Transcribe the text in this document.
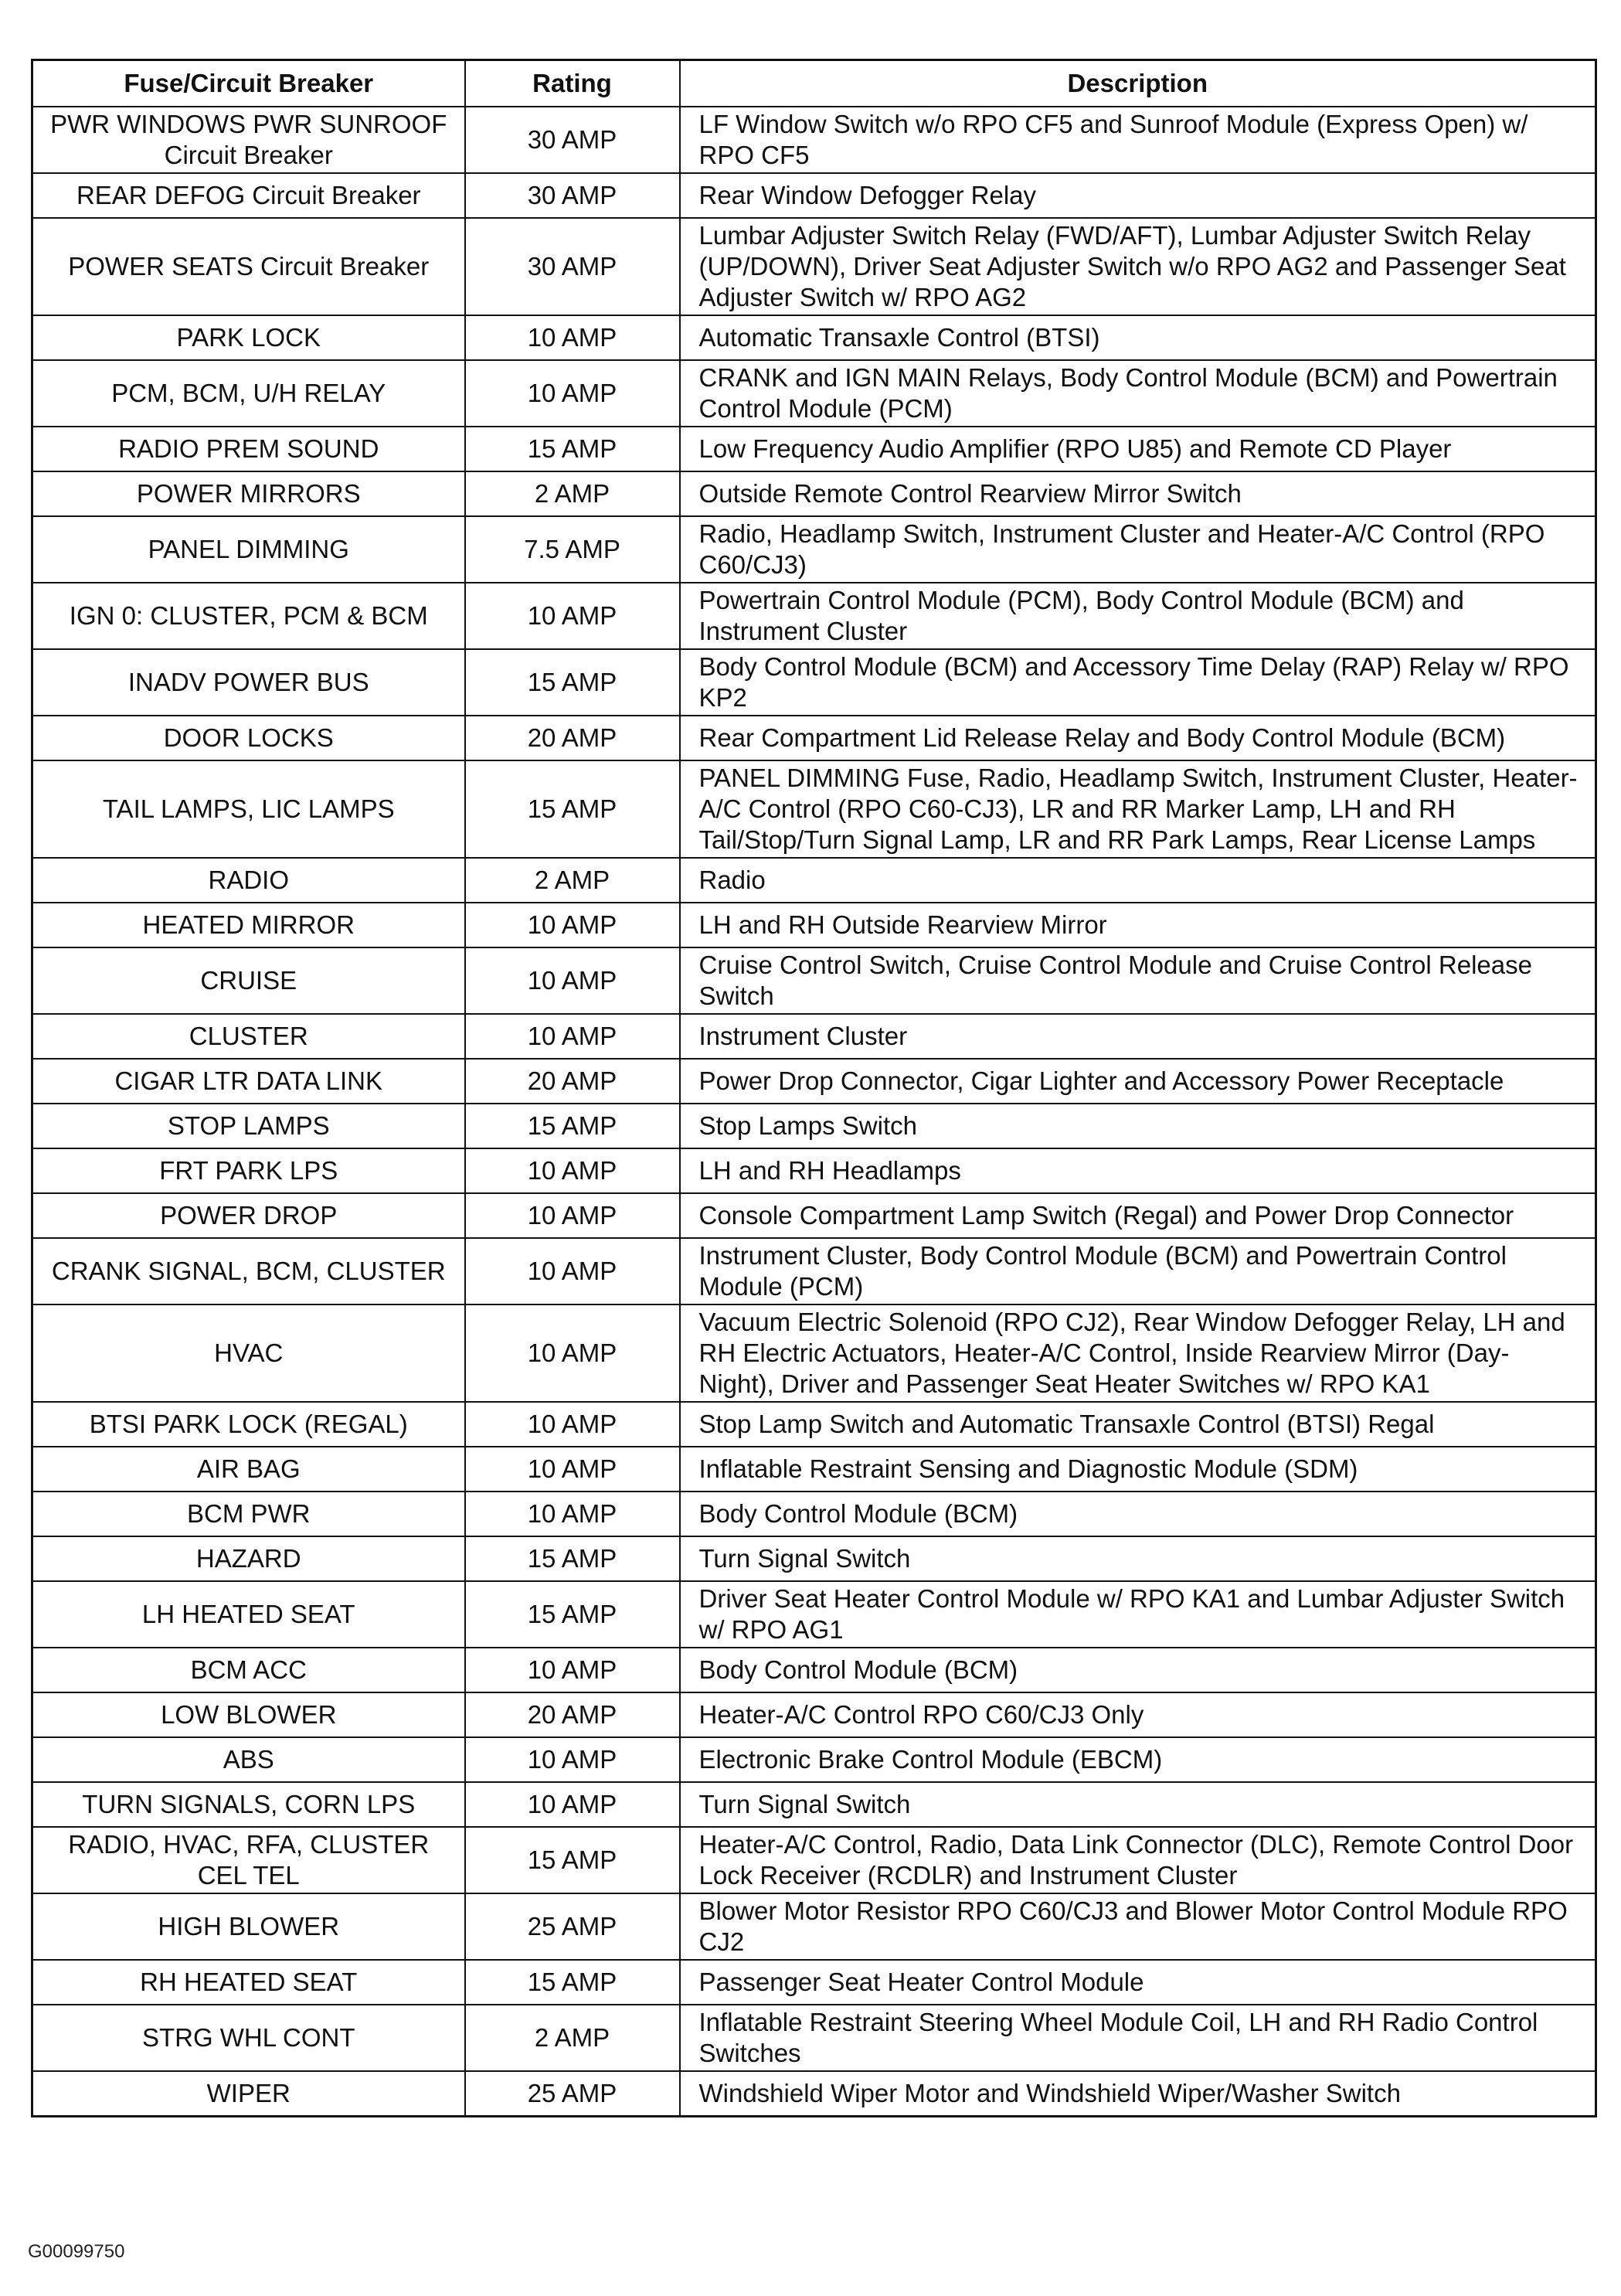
Fuse/Circuit Breaker	Rating	Description
PWR WINDOWS PWR SUNROOF Circuit Breaker	30 AMP	LF Window Switch w/o RPO CF5 and Sunroof Module (Express Open) w/ RPO CF5
REAR DEFOG Circuit Breaker	30 AMP	Rear Window Defogger Relay
POWER SEATS Circuit Breaker	30 AMP	Lumbar Adjuster Switch Relay (FWD/AFT), Lumbar Adjuster Switch Relay (UP/DOWN), Driver Seat Adjuster Switch w/o RPO AG2 and Passenger Seat Adjuster Switch w/ RPO AG2
PARK LOCK	10 AMP	Automatic Transaxle Control (BTSI)
PCM, BCM, U/H RELAY	10 AMP	CRANK and IGN MAIN Relays, Body Control Module (BCM) and Powertrain Control Module (PCM)
RADIO PREM SOUND	15 AMP	Low Frequency Audio Amplifier (RPO U85) and Remote CD Player
POWER MIRRORS	2 AMP	Outside Remote Control Rearview Mirror Switch
PANEL DIMMING	7.5 AMP	Radio, Headlamp Switch, Instrument Cluster and Heater-A/C Control (RPO C60/CJ3)
IGN 0: CLUSTER, PCM & BCM	10 AMP	Powertrain Control Module (PCM), Body Control Module (BCM) and Instrument Cluster
INADV POWER BUS	15 AMP	Body Control Module (BCM) and Accessory Time Delay (RAP) Relay w/ RPO KP2
DOOR LOCKS	20 AMP	Rear Compartment Lid Release Relay and Body Control Module (BCM)
TAIL LAMPS, LIC LAMPS	15 AMP	PANEL DIMMING Fuse, Radio, Headlamp Switch, Instrument Cluster, Heater-A/C Control (RPO C60-CJ3), LR and RR Marker Lamp, LH and RH Tail/Stop/Turn Signal Lamp, LR and RR Park Lamps, Rear License Lamps
RADIO	2 AMP	Radio
HEATED MIRROR	10 AMP	LH and RH Outside Rearview Mirror
CRUISE	10 AMP	Cruise Control Switch, Cruise Control Module and Cruise Control Release Switch
CLUSTER	10 AMP	Instrument Cluster
CIGAR LTR DATA LINK	20 AMP	Power Drop Connector, Cigar Lighter and Accessory Power Receptacle
STOP LAMPS	15 AMP	Stop Lamps Switch
FRT PARK LPS	10 AMP	LH and RH Headlamps
POWER DROP	10 AMP	Console Compartment Lamp Switch (Regal) and Power Drop Connector
CRANK SIGNAL, BCM, CLUSTER	10 AMP	Instrument Cluster, Body Control Module (BCM) and Powertrain Control Module (PCM)
HVAC	10 AMP	Vacuum Electric Solenoid (RPO CJ2), Rear Window Defogger Relay, LH and RH Electric Actuators, Heater-A/C Control, Inside Rearview Mirror (Day-Night), Driver and Passenger Seat Heater Switches w/ RPO KA1
BTSI PARK LOCK (REGAL)	10 AMP	Stop Lamp Switch and Automatic Transaxle Control (BTSI) Regal
AIR BAG	10 AMP	Inflatable Restraint Sensing and Diagnostic Module (SDM)
BCM PWR	10 AMP	Body Control Module (BCM)
HAZARD	15 AMP	Turn Signal Switch
LH HEATED SEAT	15 AMP	Driver Seat Heater Control Module w/ RPO KA1 and Lumbar Adjuster Switch w/ RPO AG1
BCM ACC	10 AMP	Body Control Module (BCM)
LOW BLOWER	20 AMP	Heater-A/C Control RPO C60/CJ3 Only
ABS	10 AMP	Electronic Brake Control Module (EBCM)
TURN SIGNALS, CORN LPS	10 AMP	Turn Signal Switch
RADIO, HVAC, RFA, CLUSTER CEL TEL	15 AMP	Heater-A/C Control, Radio, Data Link Connector (DLC), Remote Control Door Lock Receiver (RCDLR) and Instrument Cluster
HIGH BLOWER	25 AMP	Blower Motor Resistor RPO C60/CJ3 and Blower Motor Control Module RPO CJ2
RH HEATED SEAT	15 AMP	Passenger Seat Heater Control Module
STRG WHL CONT	2 AMP	Inflatable Restraint Steering Wheel Module Coil, LH and RH Radio Control Switches
WIPER	25 AMP	Windshield Wiper Motor and Windshield Wiper/Washer Switch
G00099750
